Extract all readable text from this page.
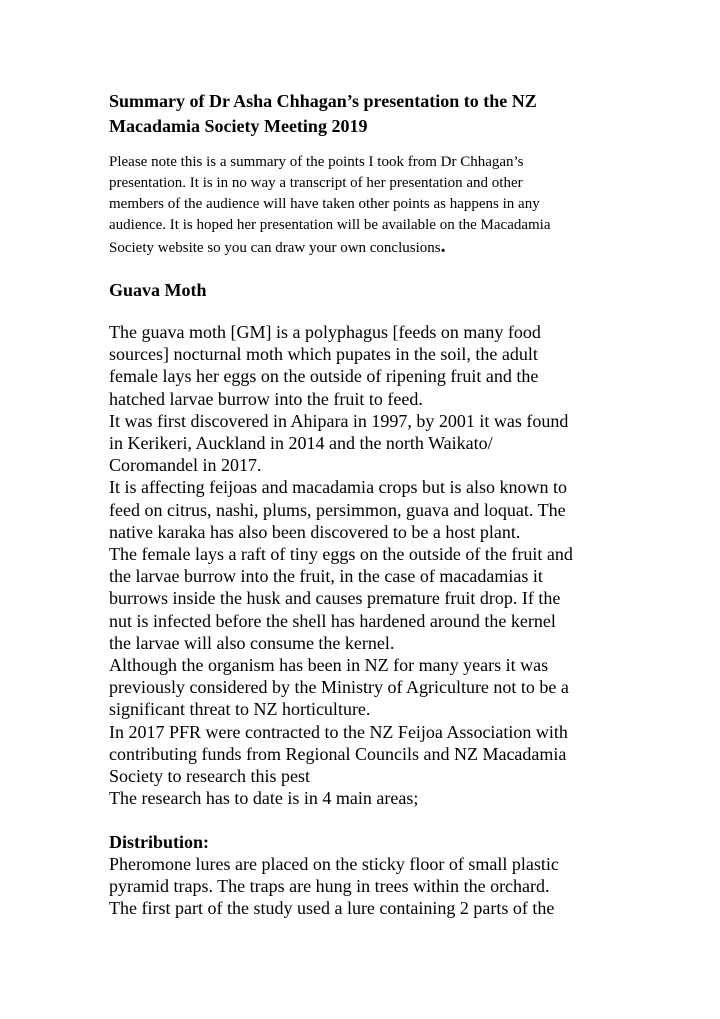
Summary of Dr Asha Chhagan’s presentation to the NZ
Macadamia Society Meeting 2019

Please note this is a summary of the points I took from Dr Chhagan’s
presentation. It is in no way a transcript of her presentation and other
members of the audience will have taken other points as happens in any
audience. It is hoped her presentation will be available on the Macadamia
Society website so you can draw your own conclusions.

Guava Moth

The guava moth [GM] is a polyphagus [feeds on many food
sources] nocturnal moth which pupates in the soil, the adult
female lays her eggs on the outside of ripening fruit and the
hatched larvae burrow into the fruit to feed.
It was first discovered in Ahipara in 1997, by 2001 it was found
in Kerikeri, Auckland in 2014 and the north Waikato/
Coromandel in 2017.
It is affecting feijoas and macadamia crops but is also known to
feed on citrus, nashi, plums, persimmon, guava and loquat. The
native karaka has also been discovered to be a host plant.
The female lays a raft of tiny eggs on the outside of the fruit and
the larvae burrow into the fruit, in the case of macadamias it
burrows inside the husk and causes premature fruit drop. If the
nut is infected before the shell has hardened around the kernel
the larvae will also consume the kernel.
Although the organism has been in NZ for many years it was
previously considered by the Ministry of Agriculture not to be a
significant threat to NZ horticulture.
In 2017 PFR were contracted to the NZ Feijoa Association with
contributing funds from Regional Councils and NZ Macadamia
Society to research this pest
The research has to date is in 4 main areas;

Distribution:

Pheromone lures are placed on the sticky floor of small plastic
pyramid traps. The traps are hung in trees within the orchard.
The first part of the study used a lure containing 2 parts of the
